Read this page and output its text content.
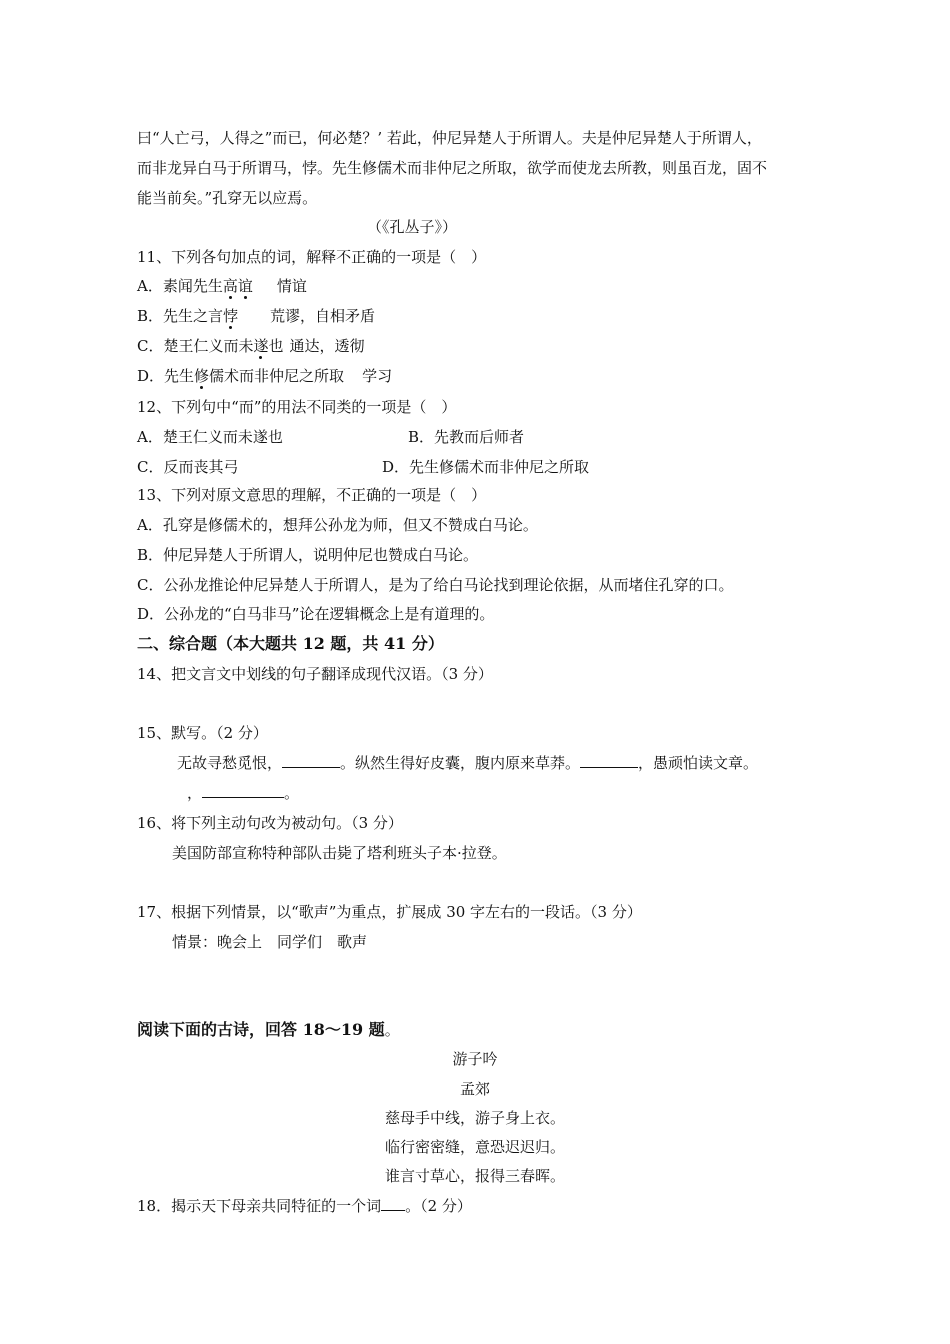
曰“人亡弓，人得之”而已，何必楚？’ 若此，仲尼异楚人于所谓人。夫是仲尼异楚人于所谓人，
而非龙异白马于所谓马，悖。先生修儒术而非仲尼之所取，欲学而使龙去所教，则虽百龙，固不
能当前矣。”孔穿无以应焉。
（《孔丛子》）
11、下列各句加点的词，解释不正确的一项是（　）
A．素闻先生高谊 情谊
B．先生之言悖 荒谬，自相矛盾
C．楚王仁义而未遂也 通达，透彻
D．先生修儒术而非仲尼之所取 学习
12、下列句中“而”的用法不同类的一项是（　）
A．楚王仁义而未遂也	B．先教而后师者
C．反而丧其弓	D．先生修儒术而非仲尼之所取
13、下列对原文意思的理解，不正确的一项是（　）
A．孔穿是修儒术的，想拜公孙龙为师，但又不赞成白马论。
B．仲尼异楚人于所谓人，说明仲尼也赞成白马论。
C．公孙龙推论仲尼异楚人于所谓人，是为了给白马论找到理论依据，从而堵住孔穿的口。
D．公孙龙的“白马非马”论在逻辑概念上是有道理的。
二、综合题（本大题共 12 题，共 41 分）
14、把文言文中划线的句子翻译成现代汉语。（3 分）
15、默写。（2 分）
无故寻愁觅恨，	。纵然生得好皮囊，腹内原来草莽。	，愚顽怕读文章。
，	。
16、将下列主动句改为被动句。（3 分）
美国防部宣称特种部队击毙了塔利班头子本·拉登。
17、根据下列情景，以“歌声”为重点，扩展成 30 字左右的一段话。（3 分）
情景：晚会上　同学们　歌声
阅读下面的古诗，回答 18～19 题。
游子吟
孟郊
慈母手中线，游子身上衣。
临行密密缝，意恐迟迟归。
谁言寸草心，报得三春晖。
18．揭示天下母亲共同特征的一个词 。（2 分）
